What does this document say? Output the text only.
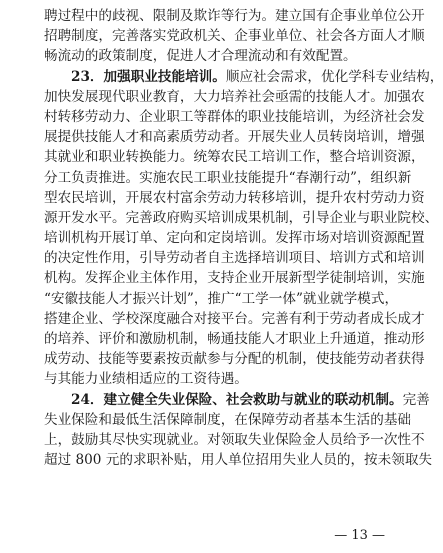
聘过程中的歧视、限制及欺诈等行为。建立国有企事业单位公开
招聘制度，完善落实党政机关、企事业单位、社会各方面人才顺
畅流动的政策制度，促进人才合理流动和有效配置。
23．加强职业技能培训。顺应社会需求，优化学科专业结构，
加快发展现代职业教育，大力培养社会亟需的技能人才。加强农
村转移劳动力、企业职工等群体的职业技能培训，为经济社会发
展提供技能人才和高素质劳动者。开展失业人员转岗培训，增强
其就业和职业转换能力。统筹农民工培训工作，整合培训资源，
分工负责推进。实施农民工职业技能提升“春潮行动”，组织新
型农民培训，开展农村富余劳动力转移培训，提升农村劳动力资
源开发水平。完善政府购买培训成果机制，引导企业与职业院校、
培训机构开展订单、定向和定岗培训。发挥市场对培训资源配置
的决定性作用，引导劳动者自主选择培训项目、培训方式和培训
机构。发挥企业主体作用，支持企业开展新型学徒制培训，实施
“安徽技能人才振兴计划”，推广“工学一体”就业就学模式，
搭建企业、学校深度融合对接平台。完善有利于劳动者成长成才
的培养、评价和激励机制，畅通技能人才职业上升通道，推动形
成劳动、技能等要素按贡献参与分配的机制，使技能劳动者获得
与其能力业绩相适应的工资待遇。
24．建立健全失业保险、社会救助与就业的联动机制。完善
失业保险和最低生活保障制度，在保障劳动者基本生活的基础
上，鼓励其尽快实现就业。对领取失业保险金人员给予一次性不
超过 800 元的求职补贴，用人单位招用失业人员的，按未领取失
— 13 —
